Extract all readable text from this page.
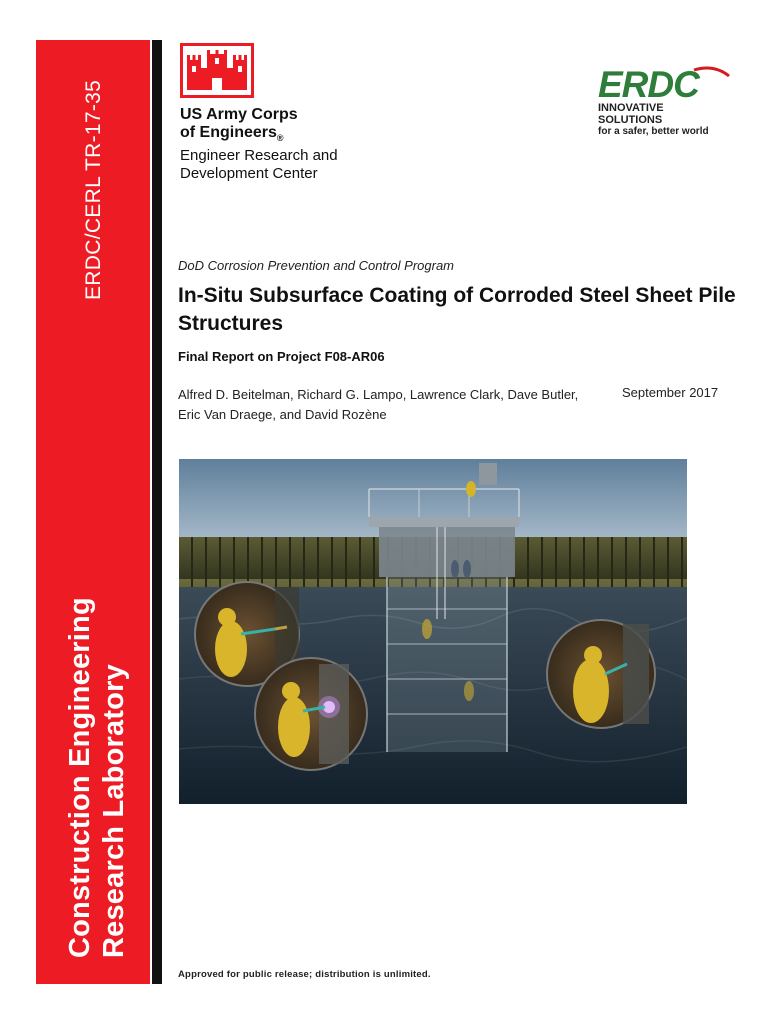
ERDC/CERL TR-17-35
Construction Engineering Research Laboratory
US Army Corps
of Engineers$_®$
Engineer Research and
Development Center
ERDC
INNOVATIVE SOLUTIONS
for a safer, better world
DoD Corrosion Prevention and Control Program
In-Situ Subsurface Coating of Corroded Steel Sheet Pile Structures
Final Report on Project F08-AR06
Alfred D. Beitelman, Richard G. Lampo, Lawrence Clark, Dave Butler, Eric Van Draege, and David Rozène
September 2017
Approved for public release; distribution is unlimited.
